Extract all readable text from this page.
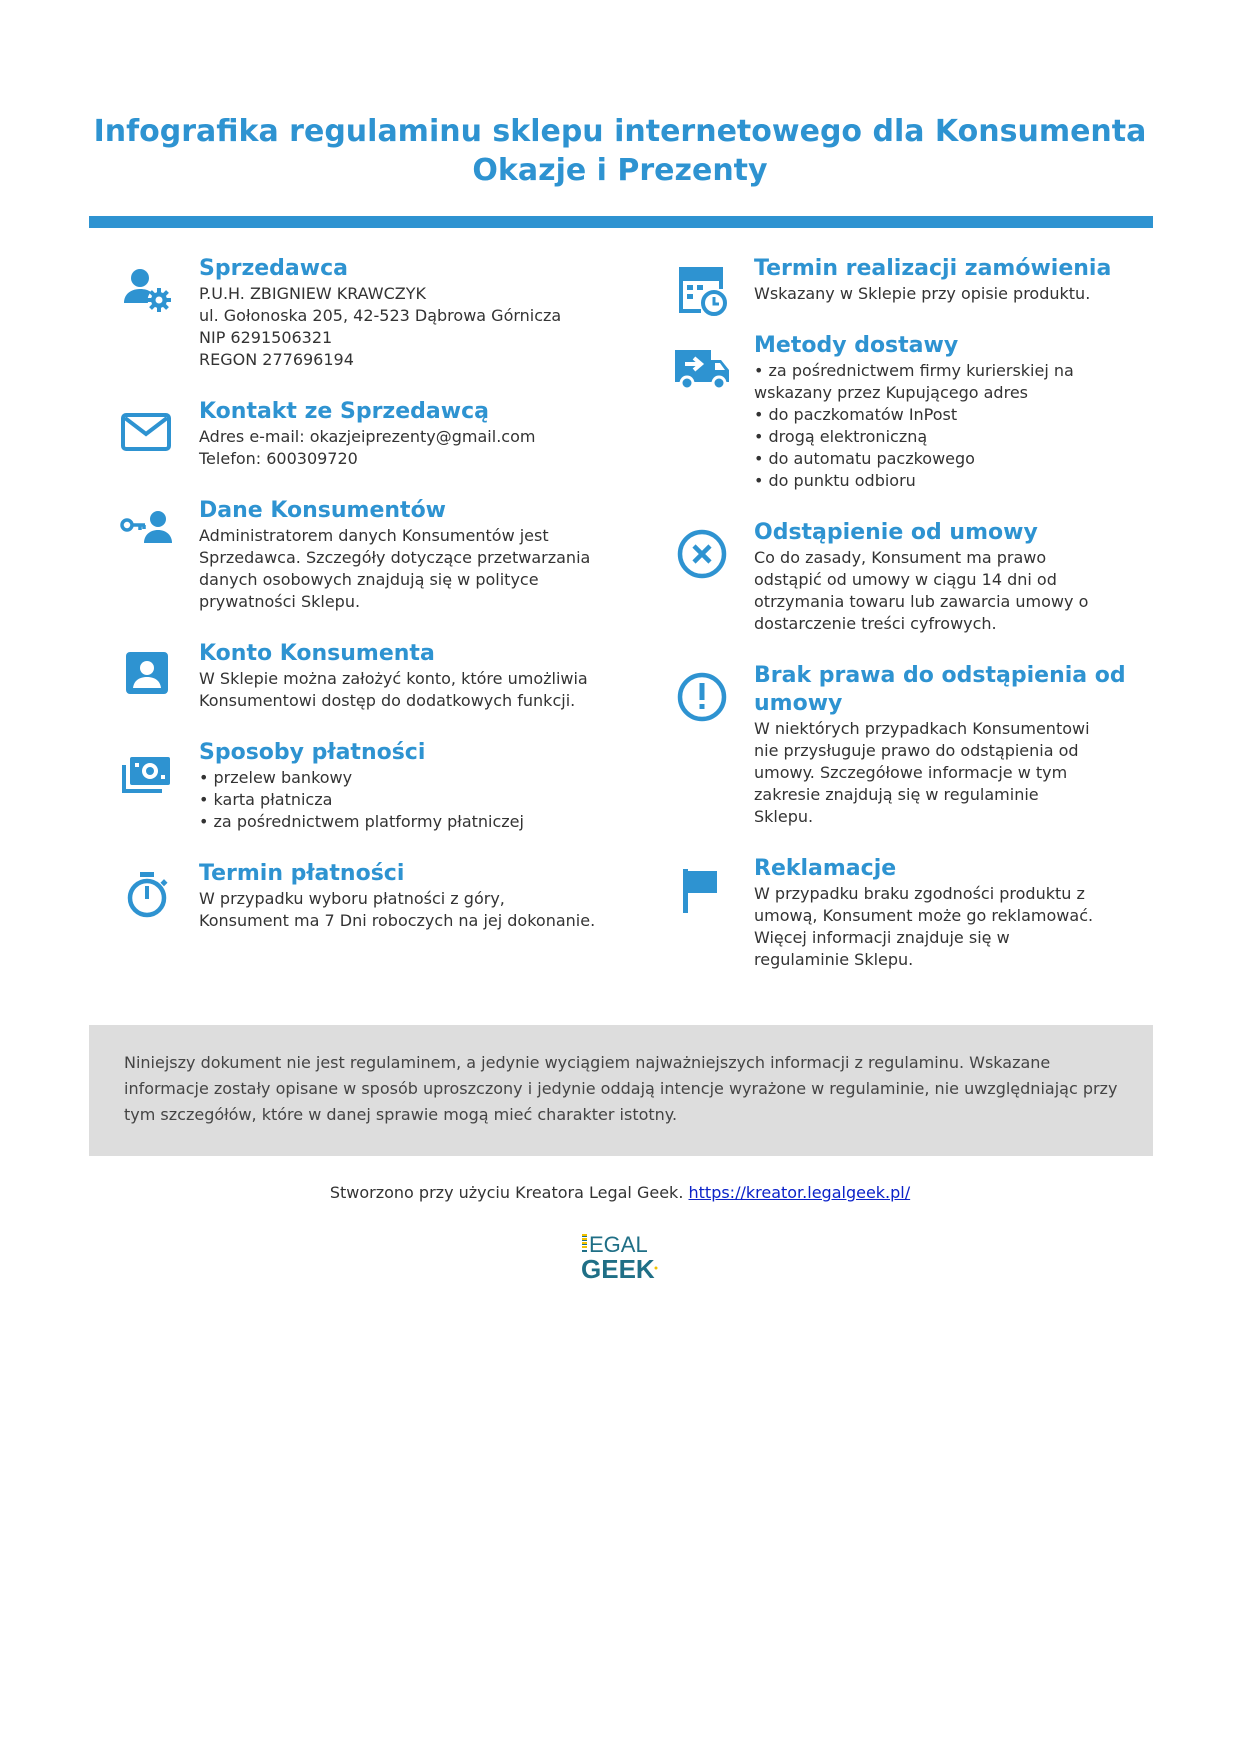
Infografika regulaminu sklepu internetowego dla Konsumenta
Okazje i Prezenty
Sprzedawca
P.U.H. ZBIGNIEW KRAWCZYK
ul. Gołonoska 205, 42-523 Dąbrowa Górnicza
NIP 6291506321
REGON 277696194
Kontakt ze Sprzedawcą
Adres e-mail: okazjeiprezenty@gmail.com
Telefon: 600309720
Dane Konsumentów
Administratorem danych Konsumentów jest
Sprzedawca. Szczegóły dotyczące przetwarzania
danych osobowych znajdują się w polityce
prywatności Sklepu.
Konto Konsumenta
W Sklepie można założyć konto, które umożliwia
Konsumentowi dostęp do dodatkowych funkcji.
Sposoby płatności
• przelew bankowy
• karta płatnicza
• za pośrednictwem platformy płatniczej
Termin płatności
W przypadku wyboru płatności z góry,
Konsument ma 7 Dni roboczych na jej dokonanie.
Termin realizacji zamówienia
Wskazany w Sklepie przy opisie produktu.
Metody dostawy
• za pośrednictwem firmy kurierskiej na
wskazany przez Kupującego adres
• do paczkomatów InPost
• drogą elektroniczną
• do automatu paczkowego
• do punktu odbioru
Odstąpienie od umowy
Co do zasady, Konsument ma prawo
odstąpić od umowy w ciągu 14 dni od
otrzymania towaru lub zawarcia umowy o
dostarczenie treści cyfrowych.
Brak prawa do odstąpienia od umowy
W niektórych przypadkach Konsumentowi
nie przysługuje prawo do odstąpienia od
umowy. Szczegółowe informacje w tym
zakresie znajdują się w regulaminie
Sklepu.
Reklamacje
W przypadku braku zgodności produktu z
umową, Konsument może go reklamować.
Więcej informacji znajduje się w
regulaminie Sklepu.
Niniejszy dokument nie jest regulaminem, a jedynie wyciągiem najważniejszych informacji z regulaminu. Wskazane informacje zostały opisane w sposób uproszczony i jedynie oddają intencje wyrażone w regulaminie, nie uwzględniając przy tym szczegółów, które w danej sprawie mogą mieć charakter istotny.
Stworzono przy użyciu Kreatora Legal Geek. https://kreator.legalgeek.pl/
EGAL
GEEK
